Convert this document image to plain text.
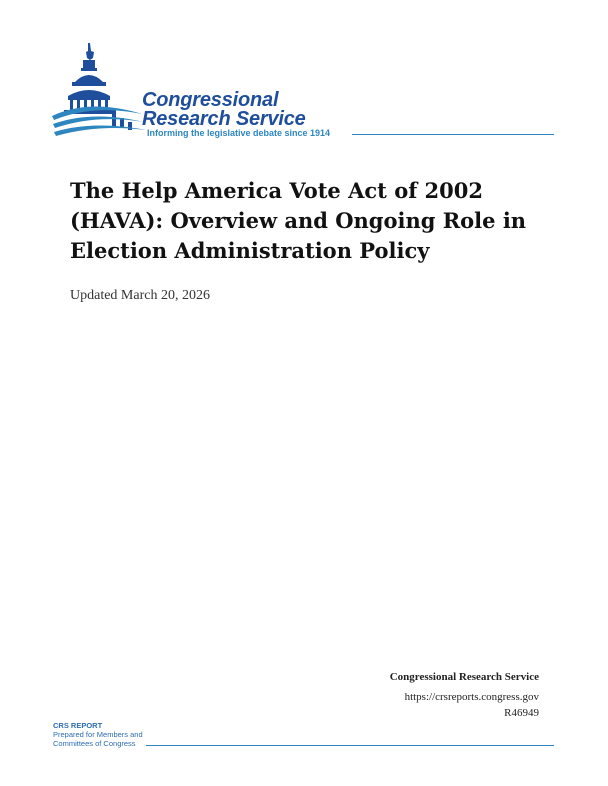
Congressional
Research Service
Informing the legislative debate since 1914
The Help America Vote Act of 2002 (HAVA): Overview and Ongoing Role in Election Administration Policy
Updated March 20, 2026
Congressional Research Service
https://crsreports.congress.gov
R46949
CRS REPORT
Prepared for Members and
Committees of Congress
